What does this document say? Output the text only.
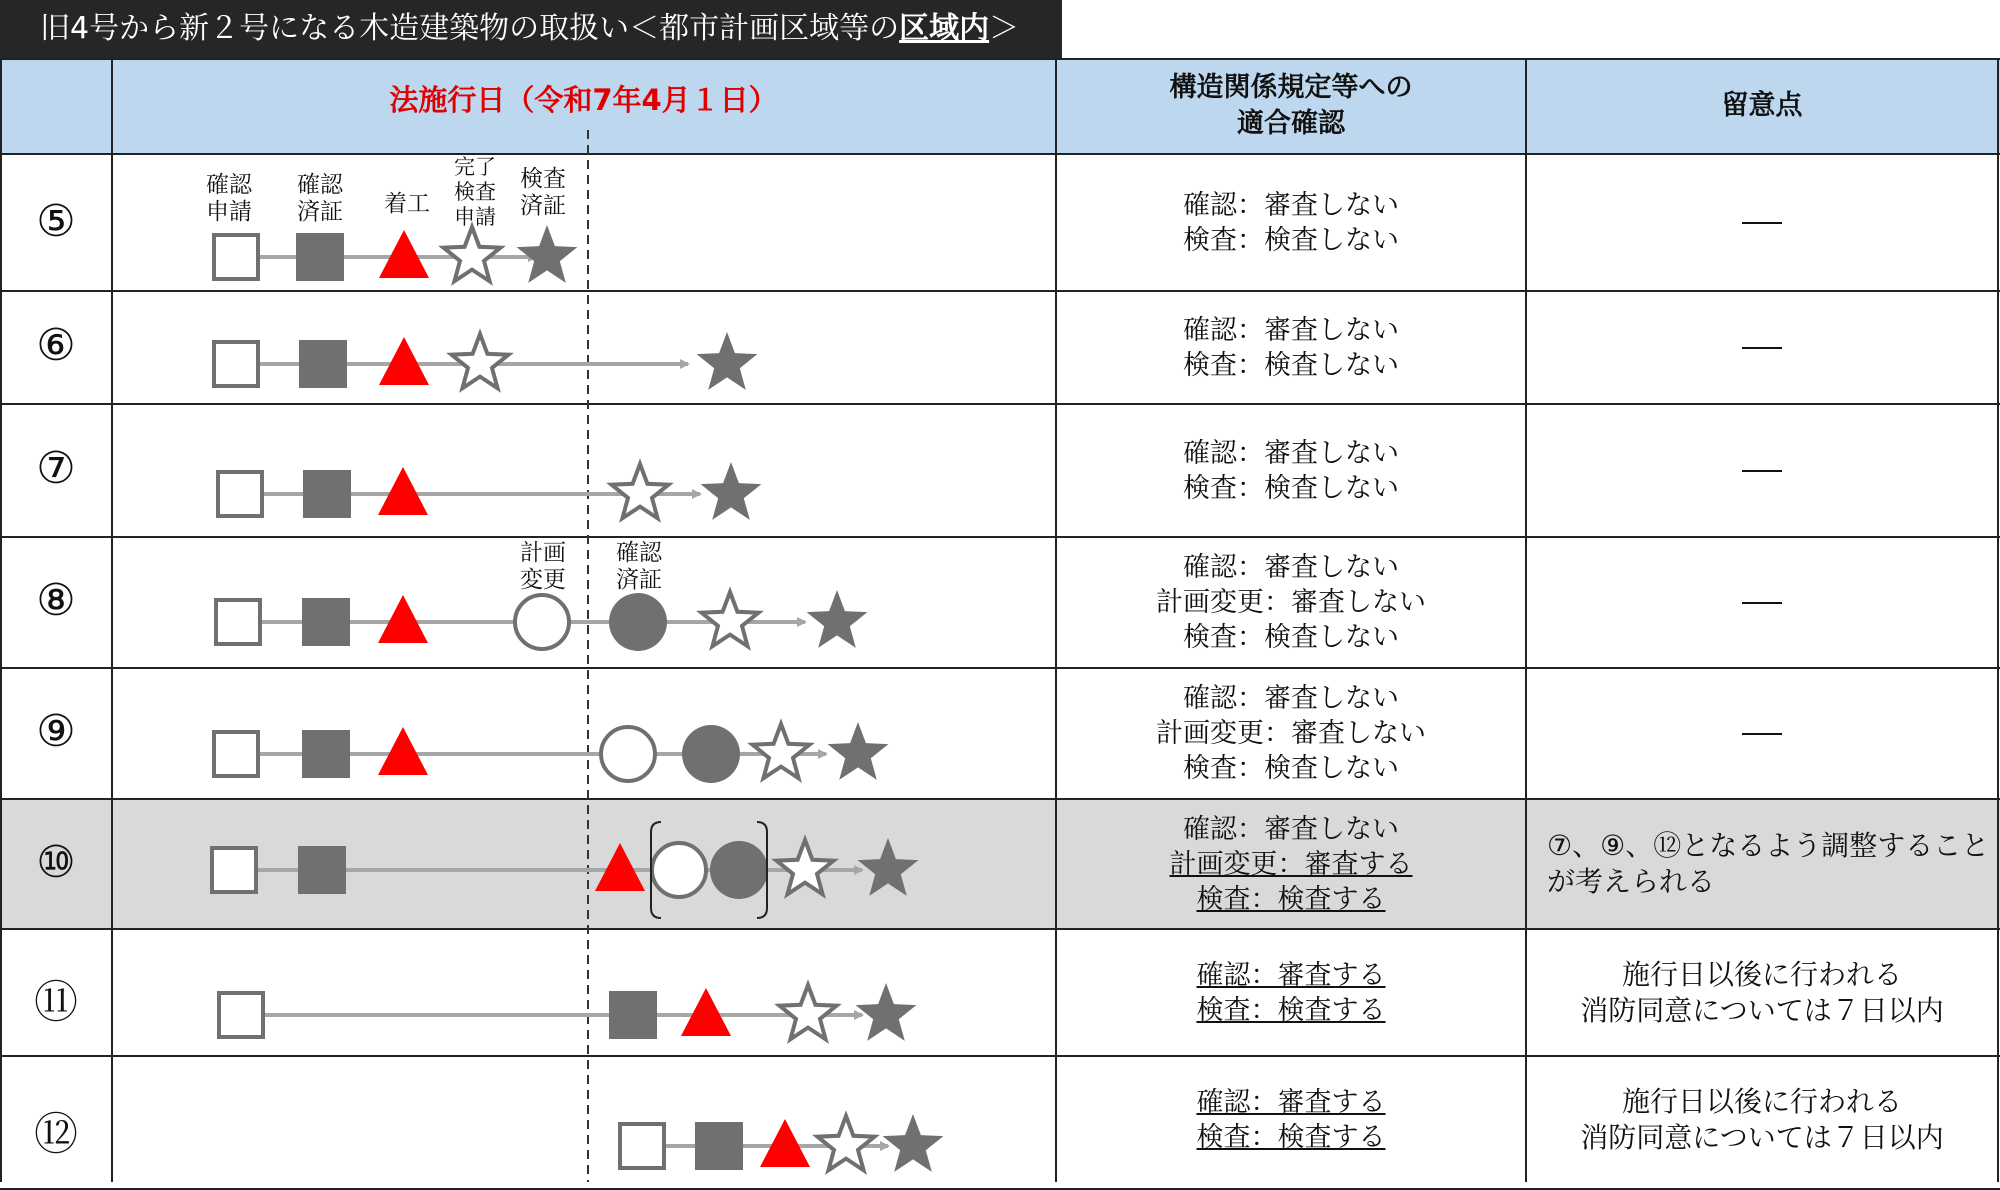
旧4号から新２号になる木造建築物の取扱い＜都市計画区域等の区域内＞
法施行日（令和7年4月１日）	構造関係規定等への
適合確認
留意点
⑤
⑥
⑦
⑧
⑨
⑩
⑪
⑫
確認：審査しない
検査：検査しない
確認：審査しない
検査：検査しない
確認：審査しない
検査：検査しない
確認：審査しない
計画変更：審査しない
検査：検査しない
確認：審査しない
計画変更：審査しない
検査：検査しない
確認：審査しない
計画変更：審査する
検査：検査する
確認：審査する
検査：検査する
確認：審査する
検査：検査する
⑦、⑨、⑫となるよう調整すること
が考えられる
施行日以後に行われる
消防同意については７日以内
施行日以後に行われる
消防同意については７日以内
確認
申請
確認
済証	着工
完了
検査
申請
検査
済証
計画
変更
確認
済証
